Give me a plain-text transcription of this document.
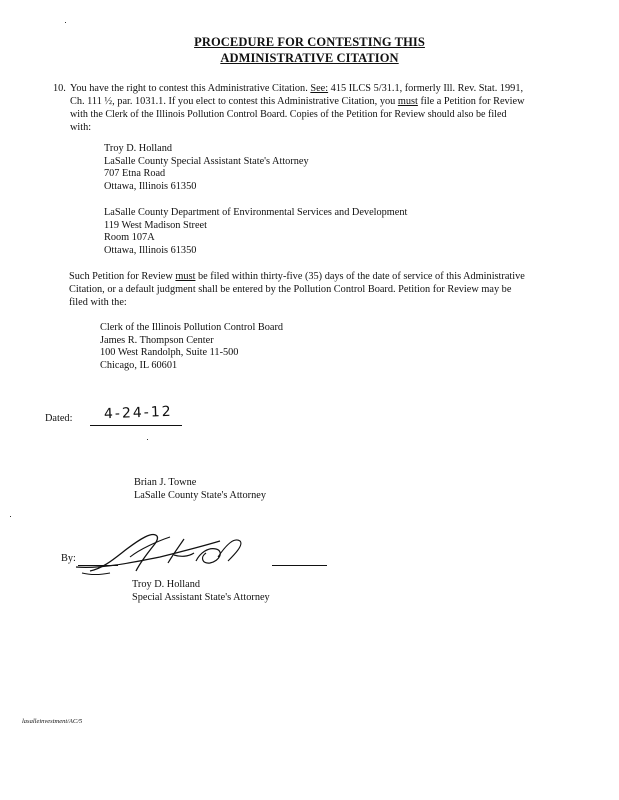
PROCEDURE FOR CONTESTING THIS
ADMINISTRATIVE CITATION
10. You have the right to contest this Administrative Citation. See: 415 ILCS 5/31.1, formerly Ill. Rev. Stat. 1991,
Ch. 111 ½, par. 1031.1. If you elect to contest this Administrative Citation, you must file a Petition for Review
with the Clerk of the Illinois Pollution Control Board. Copies of the Petition for Review should also be filed
with:
Troy D. Holland
LaSalle County Special Assistant State's Attorney
707 Etna Road
Ottawa, Illinois 61350
LaSalle County Department of Environmental Services and Development
119 West Madison Street
Room 107A
Ottawa, Illinois 61350
Such Petition for Review must be filed within thirty-five (35) days of the date of service of this Administrative
Citation, or a default judgment shall be entered by the Pollution Control Board. Petition for Review may be
filed with the:
Clerk of the Illinois Pollution Control Board
James R. Thompson Center
100 West Randolph, Suite 11-500
Chicago, IL 60601
Dated: 4-24-12
Brian J. Towne
LaSalle County State's Attorney
By:
Troy D. Holland
Special Assistant State's Attorney
lasalleinvestment/AC/5
